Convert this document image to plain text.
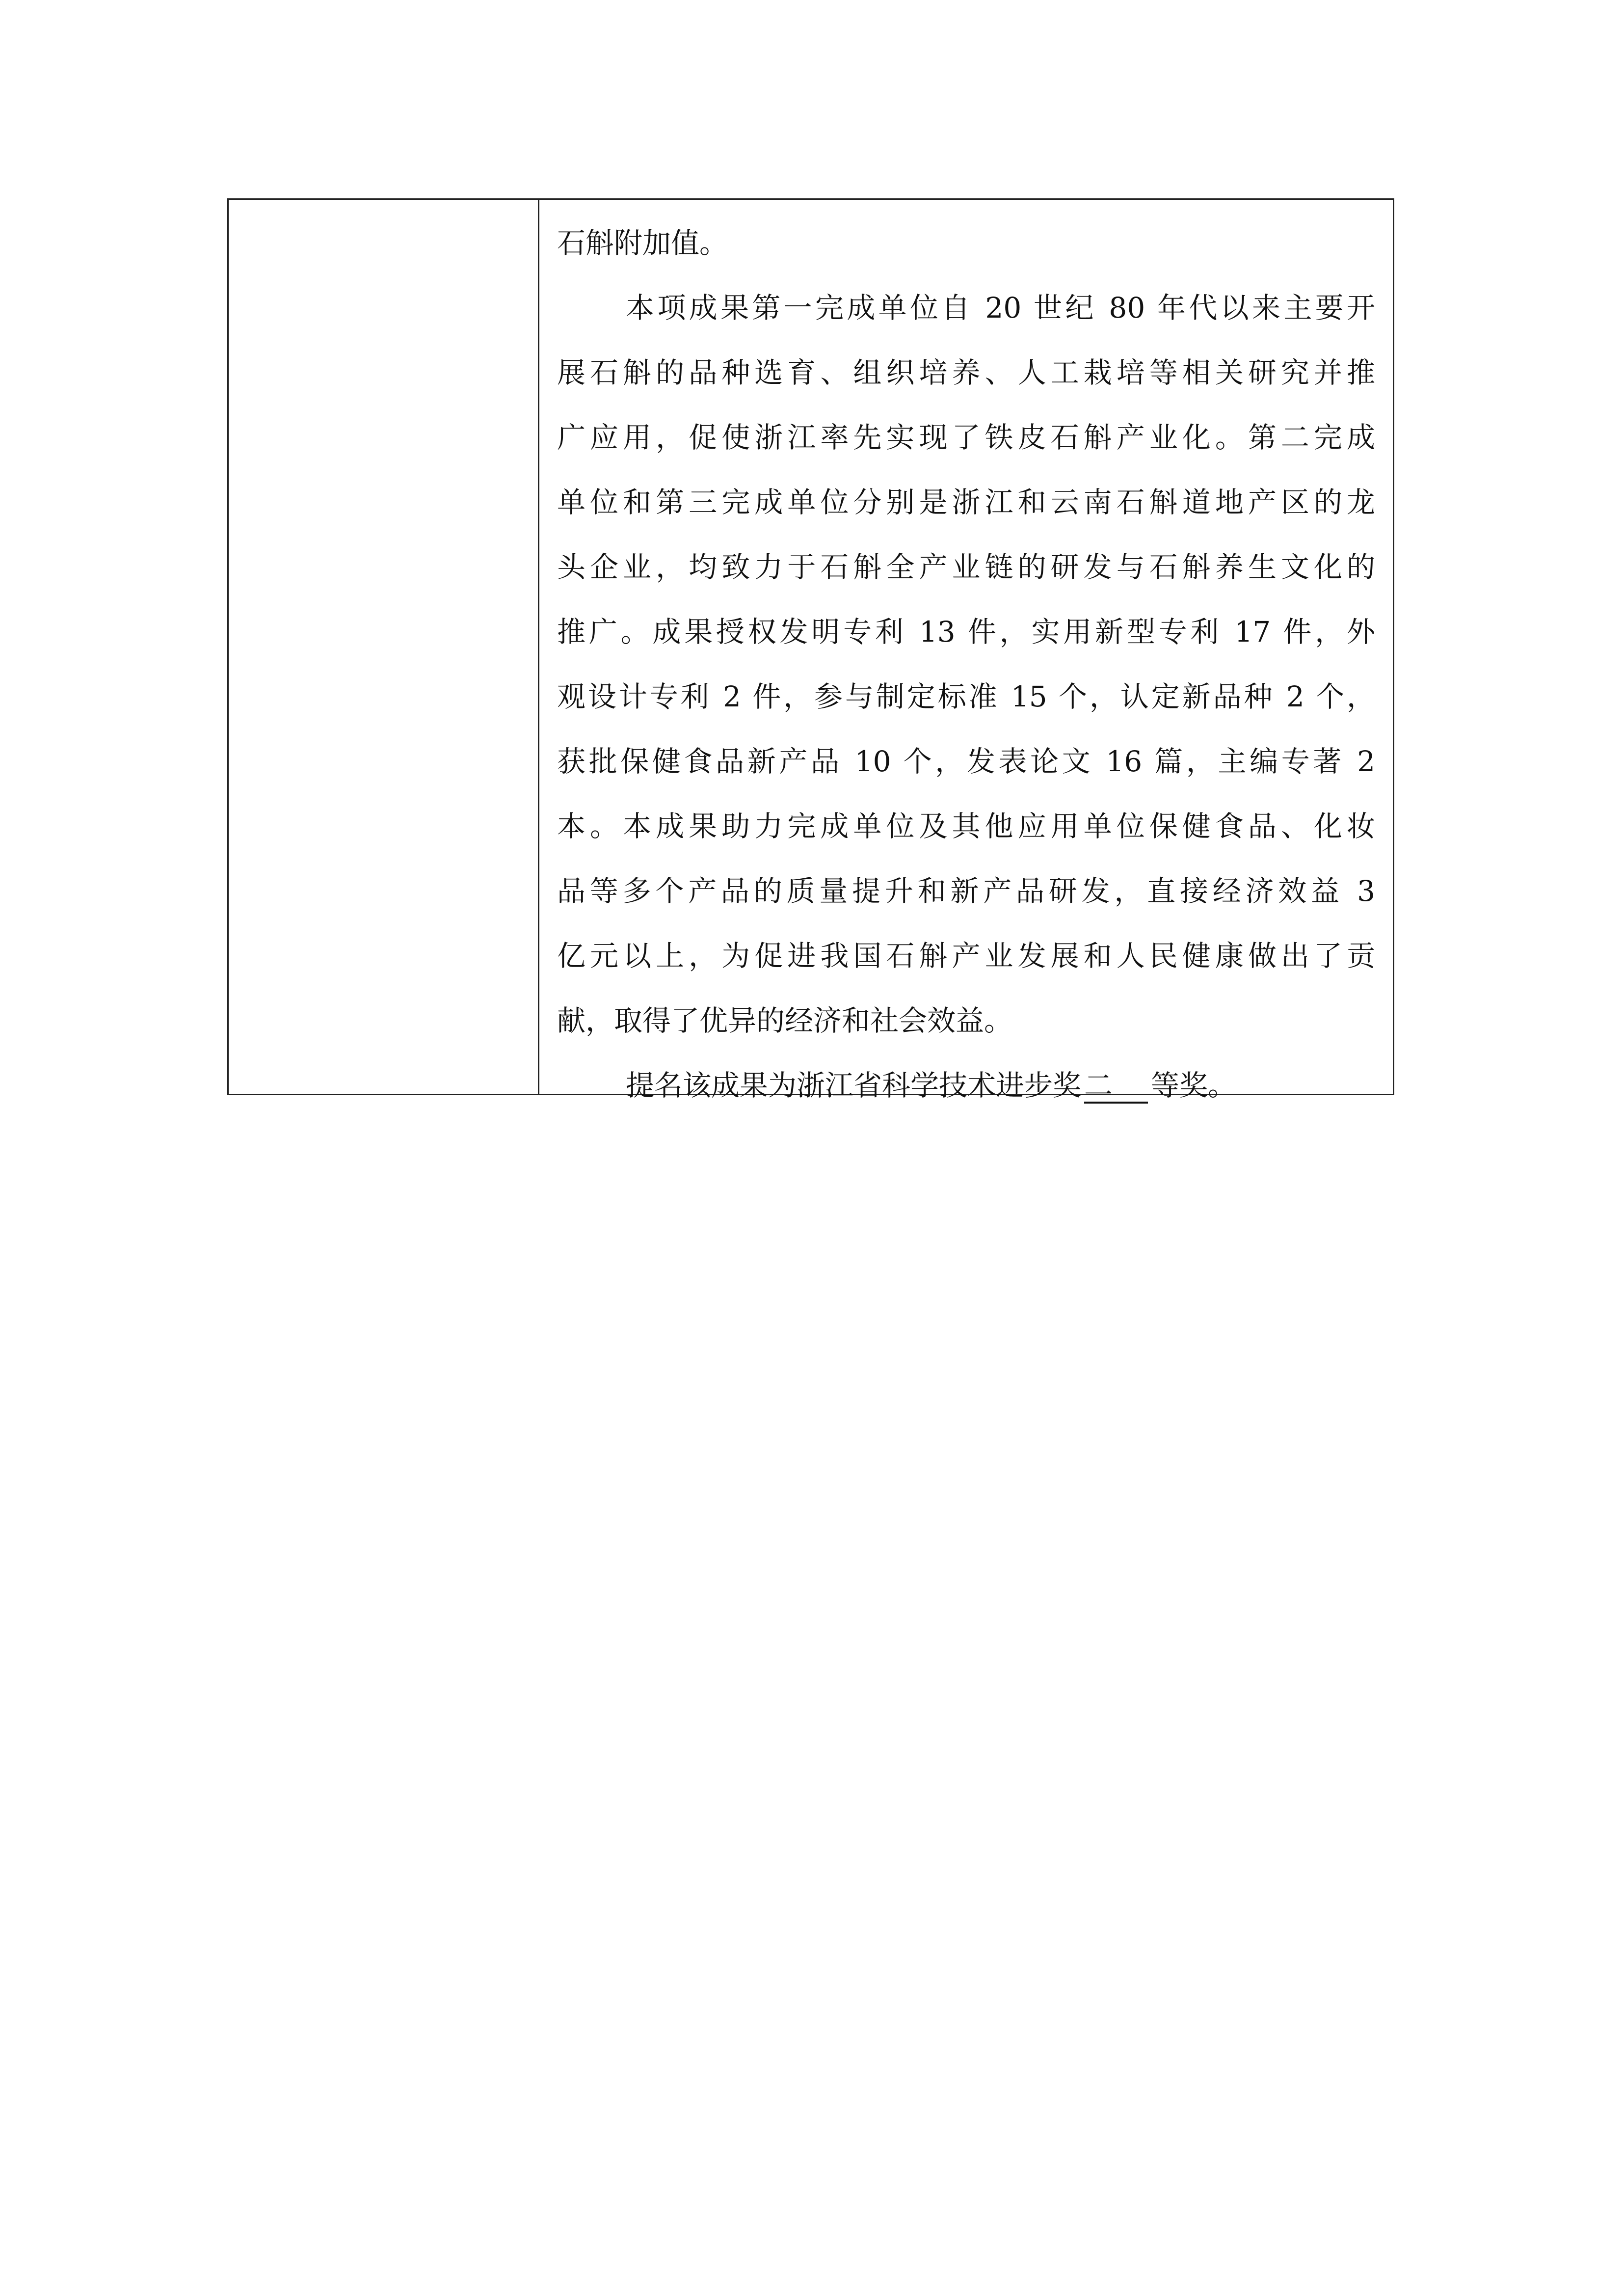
石斛附加值。
本项成果第一完成单位自 20 世纪 80 年代以来主要开
展石斛的品种选育、组织培养、人工栽培等相关研究并推
广应用，促使浙江率先实现了铁皮石斛产业化。第二完成
单位和第三完成单位分别是浙江和云南石斛道地产区的龙
头企业，均致力于石斛全产业链的研发与石斛养生文化的
推广。成果授权发明专利 13 件，实用新型专利 17 件，外
观设计专利 2 件，参与制定标准 15 个，认定新品种 2 个，
获批保健食品新产品 10 个，发表论文 16 篇，主编专著 2
本。本成果助力完成单位及其他应用单位保健食品、化妆
品等多个产品的质量提升和新产品研发，直接经济效益 3
亿元以上，为促进我国石斛产业发展和人民健康做出了贡
献，取得了优异的经济和社会效益。
提名该成果为浙江省科学技术进步奖 二 等奖。
